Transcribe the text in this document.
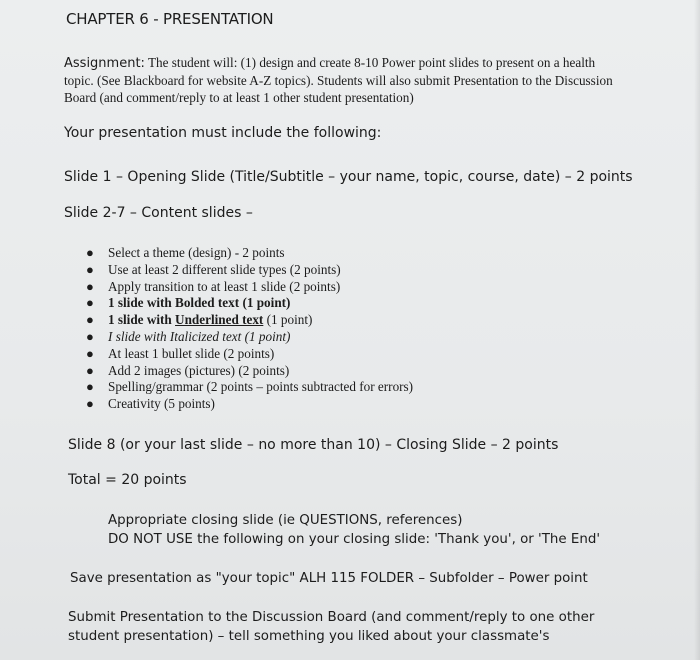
CHAPTER 6 - PRESENTATION
Assignment: The student will: (1) design and create 8-10 Power point slides to present on a health topic. (See Blackboard for website A-Z topics). Students will also submit Presentation to the Discussion Board (and comment/reply to at least 1 other student presentation)
Your presentation must include the following:
Slide 1 – Opening Slide (Title/Subtitle – your name, topic, course, date) – 2 points
Slide 2-7 – Content slides –
● Select a theme (design) - 2 points
● Use at least 2 different slide types (2 points)
● Apply transition to at least 1 slide (2 points)
● 1 slide with Bolded text (1 point)
● 1 slide with Underlined text (1 point)
● I slide with Italicized text (1 point)
● At least 1 bullet slide (2 points)
● Add 2 images (pictures) (2 points)
● Spelling/grammar (2 points – points subtracted for errors)
● Creativity (5 points)
Slide 8 (or your last slide – no more than 10) – Closing Slide – 2 points
Total = 20 points
Appropriate closing slide (ie QUESTIONS, references)
DO NOT USE the following on your closing slide: 'Thank you', or 'The End'
Save presentation as "your topic" ALH 115 FOLDER – Subfolder – Power point
Submit Presentation to the Discussion Board (and comment/reply to one other
student presentation) – tell something you liked about your classmate's
